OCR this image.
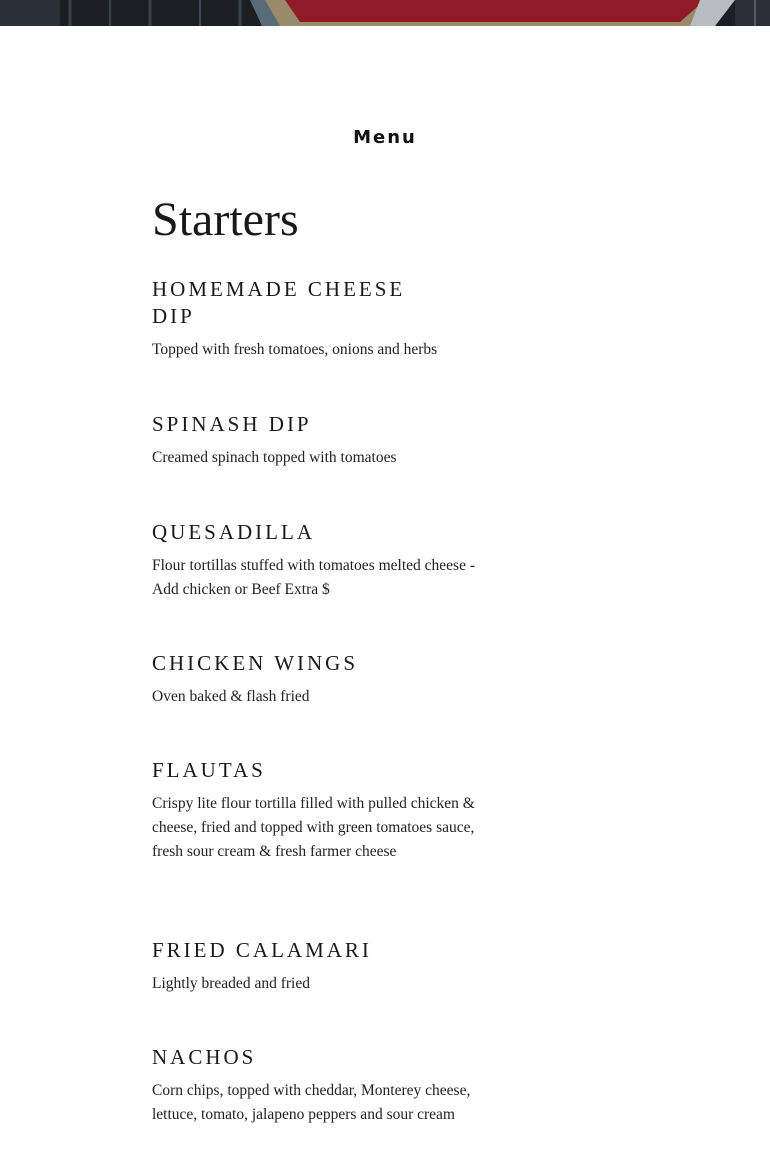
Menu
Starters
HOMEMADE CHEESE DIP

Topped with fresh tomatoes, onions and herbs

SPINASH DIP

Creamed spinach topped with tomatoes

QUESADILLA

Flour tortillas stuffed with tomatoes melted cheese - Add chicken or Beef Extra $

CHICKEN WINGS

Oven baked & flash fried

FLAUTAS

Crispy lite flour tortilla filled with pulled chicken & cheese, fried and topped with green tomatoes sauce, fresh sour cream & fresh farmer cheese

FRIED CALAMARI

Lightly breaded and fried

NACHOS

Corn chips, topped with cheddar, Monterey cheese, lettuce, tomato, jalapeno peppers and sour cream
